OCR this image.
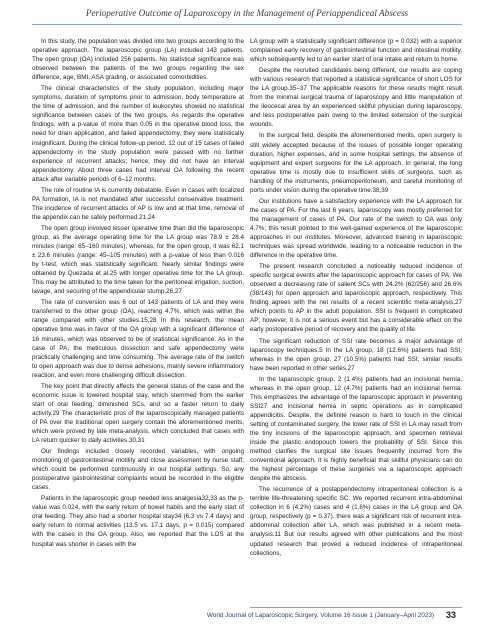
Perioperative Outcome of Laparoscopy in the Management of Periappendiceal Abscess

In this study, the population was divided into two groups according to the operative approach. The laparoscopic group (LA) included 143 patients. The open group (OA) included 256 patients. No statistical significance was observed between the patients of the two groups regarding the sex difference, age, BMI, ASA grading, or associated comorbidities.

The clinical characteristics of the study population, including major symptoms, duration of symptoms prior to admission, body temperature at the time of admission, and the number of leukocytes showed no statistical significance between cases of the two groups. As regards the operative findings, with a p-value of more than 0.05 in the operative blood loss, the need for drain application, and failed appendectomy, they were statistically insignificant. During the clinical follow-up period, 12 out of 15 cases of failed appendectomy in the study population were passed with no further experience of recurrent attacks; hence, they did not have an interval appendectomy. About three cases had interval OA following the recent attack after variable periods of 6–12 months.

The role of routine IA is currently debatable. Even in cases with localized PA formation, IA is not mandated after successful conservative treatment. The incidence of recurrent attacks of AP is low and at that time, removal of the appendix can be safely performed.21,24

The open group involved lesser operative time than did the laparoscopic group, as the average operating time for the LA group was 78.9 ± 28.4 minutes (range: 65–160 minutes), whereas, for the open group, it was 62.1 ± 23.6 minutes (range: 45–105 minutes) with a p-value of less than 0.016 by t-test, which was statistically significant. Nearly similar findings were obtained by Quezada et al.25 with longer operative time for the LA group. This may be attributed to the time taken for the peritoneal irrigation, suction, lavage, and securing of the appendicular stump.26,27

The rate of conversion was 6 out of 143 patients of LA and they were transferred to the other group (OA), reaching 4.7%, which was within the range compared with other studies.15,28 In this research, the mean operative time was in favor of the OA group with a significant difference of 16 minutes, which was observed to be of statistical significance. As in the case of PA, the meticulous dissection and safe appendectomy were practically challenging and time consuming. The average rate of the switch to open approach was due to dense adhesions, mainly severe inflammatory reaction, and even more challenging difficult dissection.

The key point that directly affects the general status of the case and the economic issue is lowered hospital stay, which stemmed from the earlier start of oral feeding, diminished SCs, and so a faster return to daily activity.29 The characteristic pros of the laparoscopically managed patients of PA over the traditional open surgery contain the aforementioned merits, which were proved by late meta-analysis, which concluded that cases with LA return quicker to daily activities.30,31

Our findings included closely recorded variables, with ongoing monitoring of gastrointestinal motility and close assessment by nurse staff, which could be performed continuously in our hospital settings. So, any postoperative gastrointestinal complaints would be recorded in the eligible cases.

Patients in the laparoscopic group needed less analgesia32,33 as the p-value was 0.024, with the early return of bowel habits and the early start of oral feeding. They also had a shorter hospital stay34 (6.3 vs 7.4 days) and early return to normal activities (13.5 vs. 17.1 days, p = 0.015) compared with the cases in the OA group. Also, we reported that the LOS at the hospital was shorter in cases with the

LA group with a statistically significant difference (p = 0.032) with a superior complained early recovery of gastrointestinal function and intestinal motility, which subsequently led to an earlier start of oral intake and return to home.

Despite the recruited candidates being different, our results are coping with various research that reported a statistical significance of short LOS for the LA group.35–37 The applicable reasons for these results might result from the minimal surgical trauma of laparoscopy and little manipulation of the ileocecal area by an experienced skillful physician during laparoscopy, and less postoperative pain owing to the limited extension of the surgical wounds.

In the surgical field, despite the aforementioned merits, open surgery is still widely accepted because of the issues of possible longer operating duration, higher expenses, and in some hospital settings, the absence of equipment and expert surgeons for the LA approach. In general, the long operative time is mostly due to insufficient skills of surgeons, such as handling of the instruments, pneumoperitoneum, and careful monitoring of ports under vision during the operative time.38,39

Our institutions have a satisfactory experience with the LA approach for the cases of PA. For the last 6 years, laparoscopy was mostly preferred for the management of cases of PA. Our rate of the switch to OA was only 4.7%; this result pointed to the well-gained experience of the laparoscopic approaches in our institutes. Moreover, advanced training in laparoscopic techniques was spread worldwide, leading to a noticeable reduction in the difference in the operative time.

The present research concluded a noticeably reduced incidence of specific surgical events after the laparoscopic approach for cases of PA. We observed a decreasing rate of salient SCs with 24.2% (62/256) and 26.6% (38/143) for open approach and laparoscopic approach, respectively. This finding agrees with the net results of a recent scientific meta-analysis,27 which points to AP in the adult population. SSI is frequent in complicated AP; however, it is not a serious event but has a considerable effect on the early postoperative period of recovery and the quality of life.

The significant reduction of SSI rate becomes a major advantage of laparoscopy techniques.5 In the LA group, 18 (12.6%) patients had SSI, whereas in the open group, 27 (10.5%) patients had SSI; similar results have been reported in other series.27

In the laparoscopic group, 2 (1.4%) patients had an incisional hernia, whereas in the open group, 12 (4.7%) patients had an incisional hernia. This emphasizes the advantage of the laparoscopic approach in preventing SSI27 and incisional hernia in septic operations as in complicated appendicitis. Despite, the definite reason is hard to touch in the clinical setting of contaminated surgery, the lower rate of SSI in LA may result from the tiny incisions of the laparoscopic approach, and specimen retrieval inside the plastic endopouch lowers the probability of SSI. Since this method clarifies the surgical site issues frequently incurred from the conventional approach, it is highly beneficial that skillful physicians can do the highest percentage of these surgeries via a laparoscopic approach despite the abscess.

The recurrence of a postappendectomy intraperitoneal collection is a terrible life-threatening specific SC. We reported recurrent intra-abdominal collection in 6 (4.2%) cases and 4 (1.6%) cases in the LA group and OA group, respectively (p = 0.37). there was a significant risk of recurrent intra-abdominal collection after LA, which was published in a recent meta-analysis.11 But our results agreed with other publications and the most updated research that proved a reduced incidence of intraperitoneal collections,

World Journal of Laparoscopic Surgery, Volume 16 Issue 1 (January–April 2023)	33
